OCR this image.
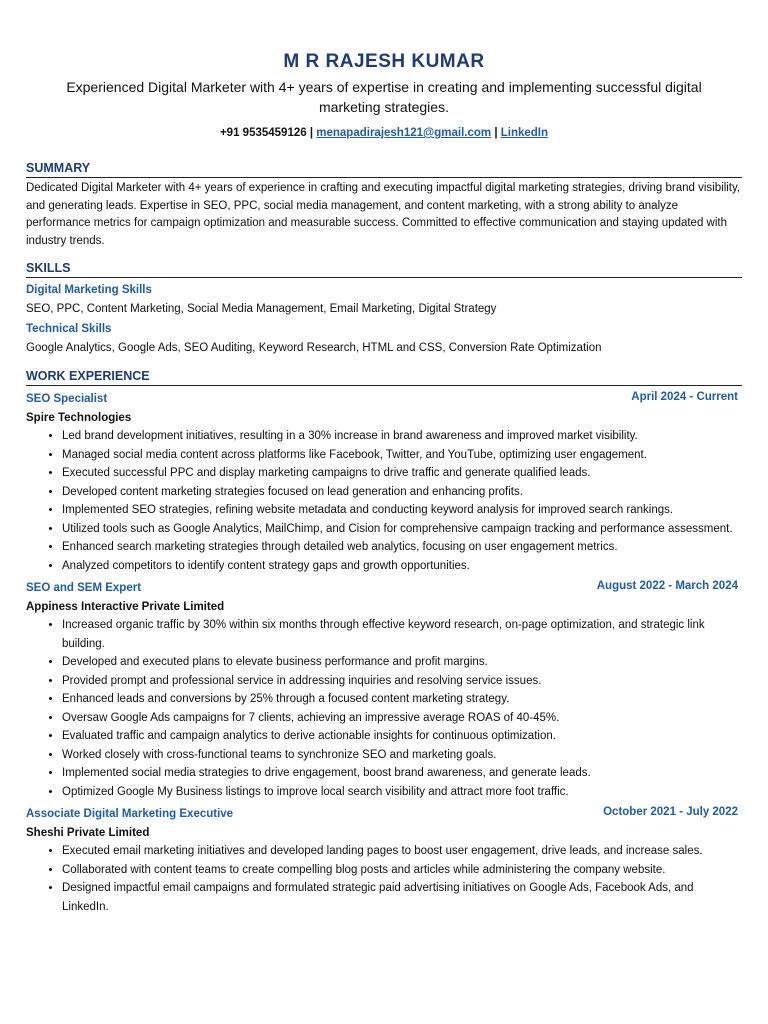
M R RAJESH KUMAR
Experienced Digital Marketer with 4+ years of expertise in creating and implementing successful digital marketing strategies.
+91 9535459126 | menapadirajesh121@gmail.com | LinkedIn
SUMMARY
Dedicated Digital Marketer with 4+ years of experience in crafting and executing impactful digital marketing strategies, driving brand visibility, and generating leads. Expertise in SEO, PPC, social media management, and content marketing, with a strong ability to analyze performance metrics for campaign optimization and measurable success. Committed to effective communication and staying updated with industry trends.
SKILLS
Digital Marketing Skills
SEO, PPC, Content Marketing, Social Media Management, Email Marketing, Digital Strategy
Technical Skills
Google Analytics, Google Ads, SEO Auditing, Keyword Research, HTML and CSS, Conversion Rate Optimization
WORK EXPERIENCE
SEO Specialist	April 2024 - Current
Spire Technologies
• Led brand development initiatives, resulting in a 30% increase in brand awareness and improved market visibility.
• Managed social media content across platforms like Facebook, Twitter, and YouTube, optimizing user engagement.
• Executed successful PPC and display marketing campaigns to drive traffic and generate qualified leads.
• Developed content marketing strategies focused on lead generation and enhancing profits.
• Implemented SEO strategies, refining website metadata and conducting keyword analysis for improved search rankings.
• Utilized tools such as Google Analytics, MailChimp, and Cision for comprehensive campaign tracking and performance assessment.
• Enhanced search marketing strategies through detailed web analytics, focusing on user engagement metrics.
• Analyzed competitors to identify content strategy gaps and growth opportunities.
SEO and SEM Expert	August 2022 - March 2024
Appiness Interactive Private Limited
• Increased organic traffic by 30% within six months through effective keyword research, on-page optimization, and strategic link building.
• Developed and executed plans to elevate business performance and profit margins.
• Provided prompt and professional service in addressing inquiries and resolving service issues.
• Enhanced leads and conversions by 25% through a focused content marketing strategy.
• Oversaw Google Ads campaigns for 7 clients, achieving an impressive average ROAS of 40-45%.
• Evaluated traffic and campaign analytics to derive actionable insights for continuous optimization.
• Worked closely with cross-functional teams to synchronize SEO and marketing goals.
• Implemented social media strategies to drive engagement, boost brand awareness, and generate leads.
• Optimized Google My Business listings to improve local search visibility and attract more foot traffic.
Associate Digital Marketing Executive	October 2021 - July 2022
Sheshi Private Limited
• Executed email marketing initiatives and developed landing pages to boost user engagement, drive leads, and increase sales.
• Collaborated with content teams to create compelling blog posts and articles while administering the company website.
• Designed impactful email campaigns and formulated strategic paid advertising initiatives on Google Ads, Facebook Ads, and LinkedIn.
